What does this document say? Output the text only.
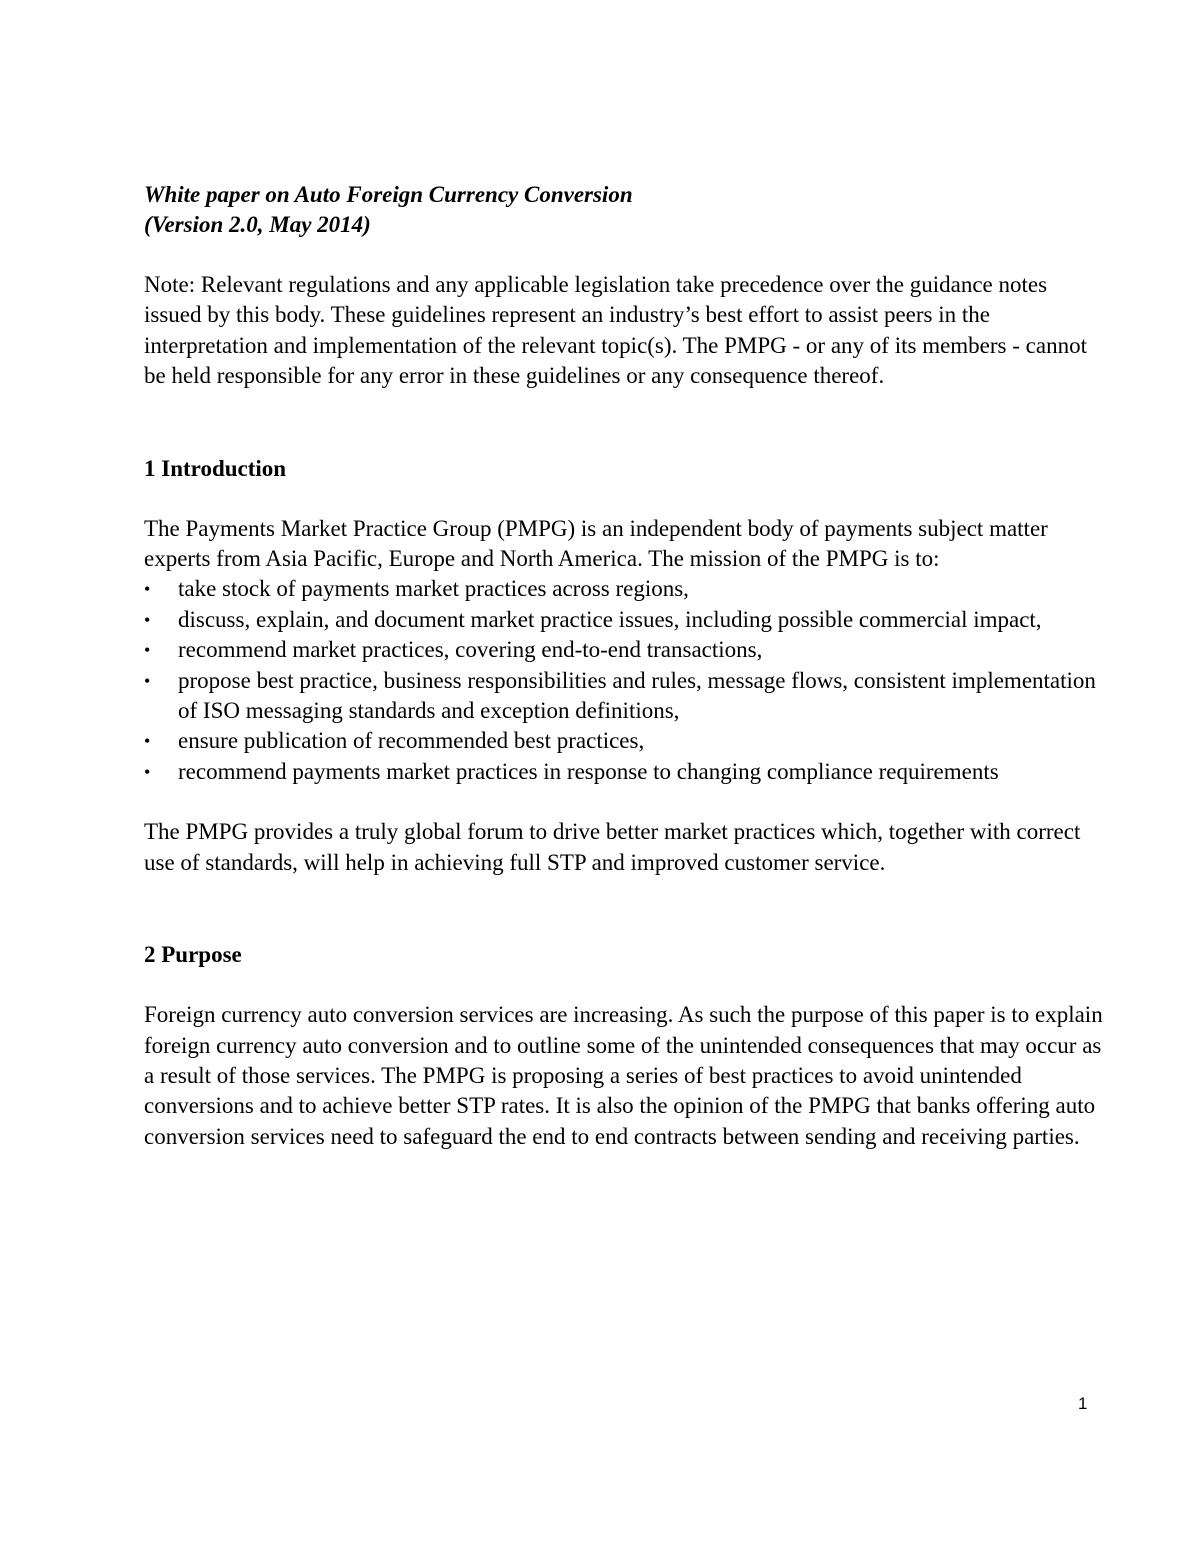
White paper on Auto Foreign Currency Conversion

(Version 2.0, May 2014)

Note: Relevant regulations and any applicable legislation take precedence over the guidance notes issued by this body. These guidelines represent an industry’s best effort to assist peers in the interpretation and implementation of the relevant topic(s). The PMPG - or any of its members - cannot be held responsible for any error in these guidelines or any consequence thereof.

1 Introduction

The Payments Market Practice Group (PMPG) is an independent body of payments subject matter experts from Asia Pacific, Europe and North America. The mission of the PMPG is to:

•	take stock of payments market practices across regions,
•	discuss, explain, and document market practice issues, including possible commercial impact,
•	recommend market practices, covering end-to-end transactions,
•	propose best practice, business responsibilities and rules, message flows, consistent implementation of ISO messaging standards and exception definitions,
•	ensure publication of recommended best practices,
•	recommend payments market practices in response to changing compliance requirements

The PMPG provides a truly global forum to drive better market practices which, together with correct use of standards, will help in achieving full STP and improved customer service.

2 Purpose

Foreign currency auto conversion services are increasing. As such the purpose of this paper is to explain foreign currency auto conversion and to outline some of the unintended consequences that may occur as a result of those services. The PMPG is proposing a series of best practices to avoid unintended conversions and to achieve better STP rates. It is also the opinion of the PMPG that banks offering auto conversion services need to safeguard the end to end contracts between sending and receiving parties.

1
